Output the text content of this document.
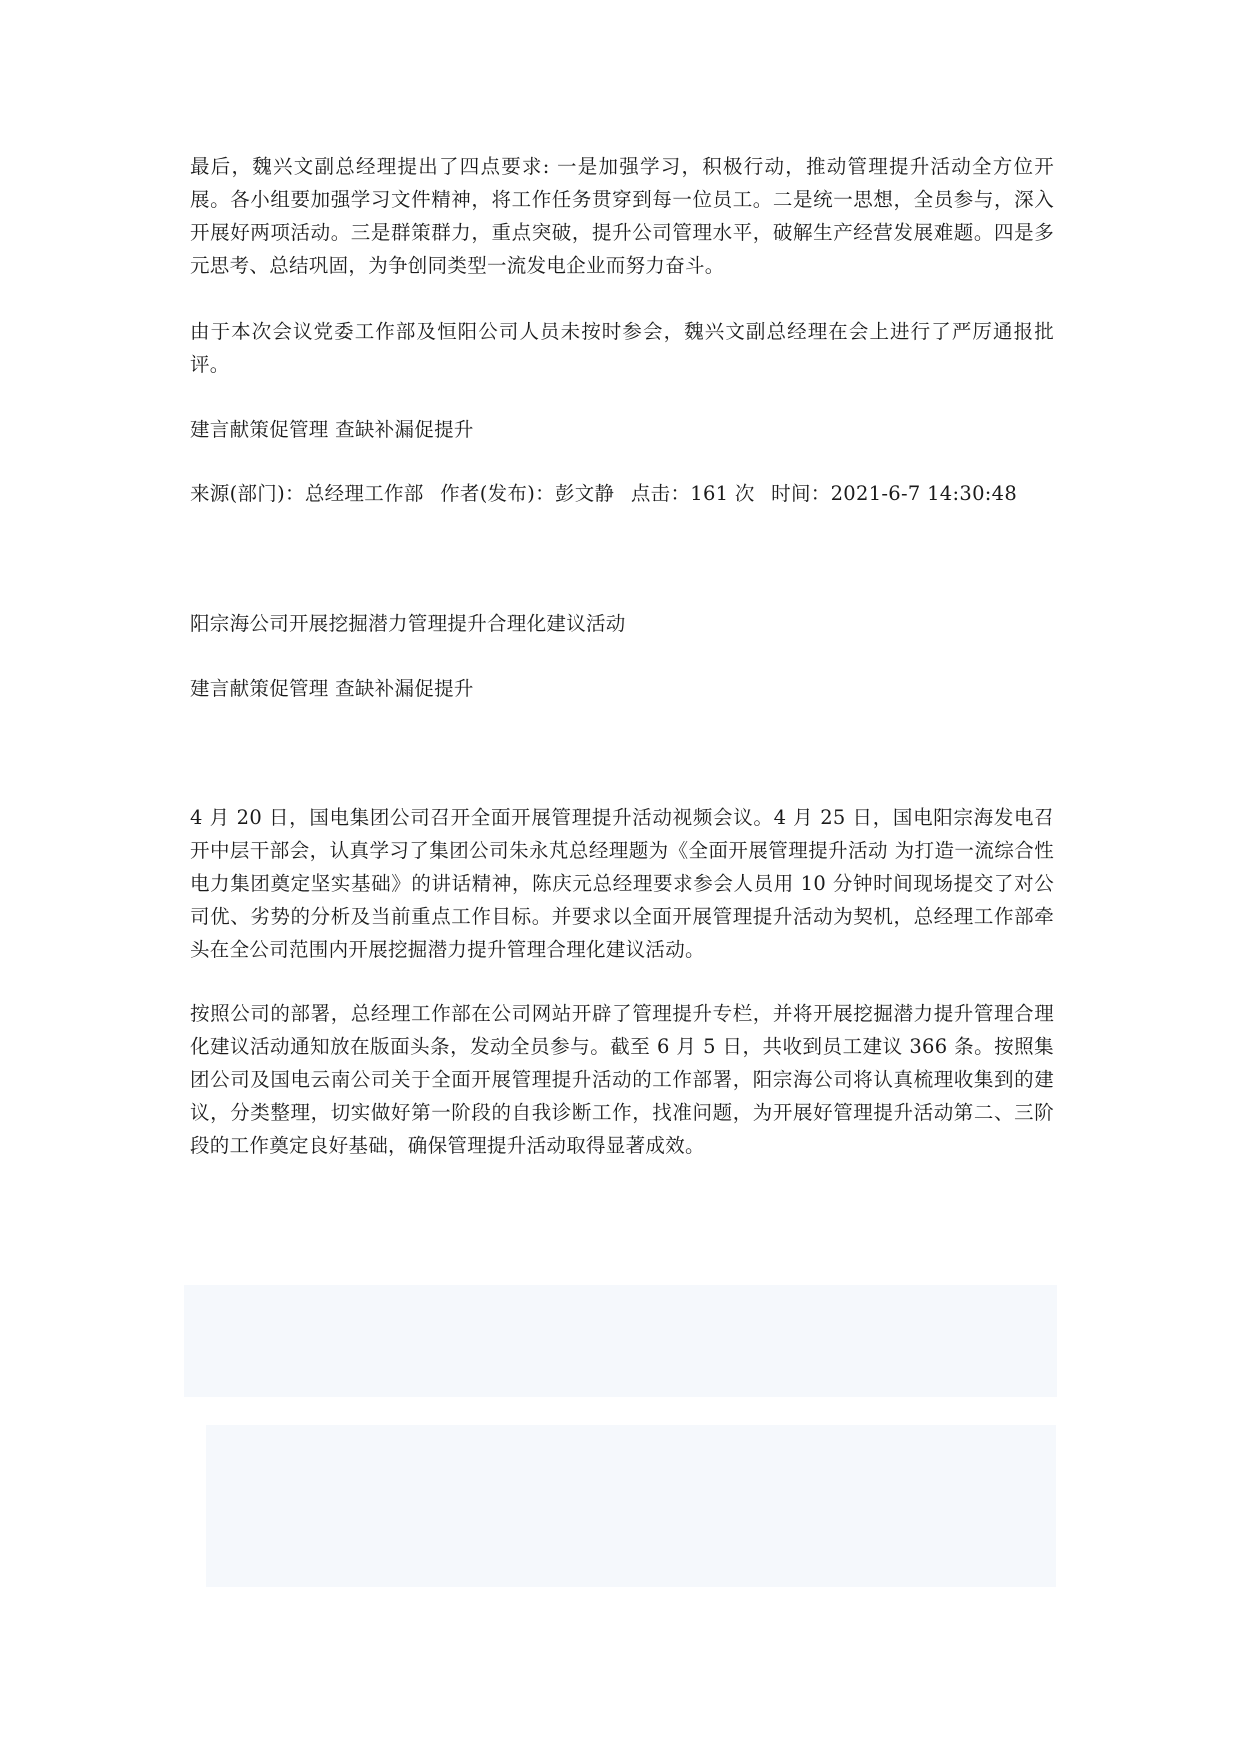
最后，魏兴文副总经理提出了四点要求: 一是加强学习，积极行动，推动管理提升活动全方位开展。各小组要加强学习文件精神，将工作任务贯穿到每一位员工。二是统一思想，全员参与，深入开展好两项活动。三是群策群力，重点突破，提升公司管理水平，破解生产经营发展难题。四是多元思考、总结巩固，为争创同类型一流发电企业而努力奋斗。

由于本次会议党委工作部及恒阳公司人员未按时参会，魏兴文副总经理在会上进行了严厉通报批评。

建言献策促管理 查缺补漏促提升

来源(部门)：总经理工作部 作者(发布)：彭文静 点击：161 次 时间：2021-6-7 14:30:48

阳宗海公司开展挖掘潜力管理提升合理化建议活动

建言献策促管理 查缺补漏促提升

4 月 20 日，国电集团公司召开全面开展管理提升活动视频会议。4 月 25 日，国电阳宗海发电召开中层干部会，认真学习了集团公司朱永芃总经理题为《全面开展管理提升活动 为打造一流综合性电力集团奠定坚实基础》的讲话精神，陈庆元总经理要求参会人员用 10 分钟时间现场提交了对公司优、劣势的分析及当前重点工作目标。并要求以全面开展管理提升活动为契机，总经理工作部牵头在全公司范围内开展挖掘潜力提升管理合理化建议活动。

按照公司的部署，总经理工作部在公司网站开辟了管理提升专栏，并将开展挖掘潜力提升管理合理化建议活动通知放在版面头条，发动全员参与。截至 6 月 5 日，共收到员工建议 366 条。按照集团公司及国电云南公司关于全面开展管理提升活动的工作部署，阳宗海公司将认真梳理收集到的建议，分类整理，切实做好第一阶段的自我诊断工作，找准问题，为开展好管理提升活动第二、三阶段的工作奠定良好基础，确保管理提升活动取得显著成效。
